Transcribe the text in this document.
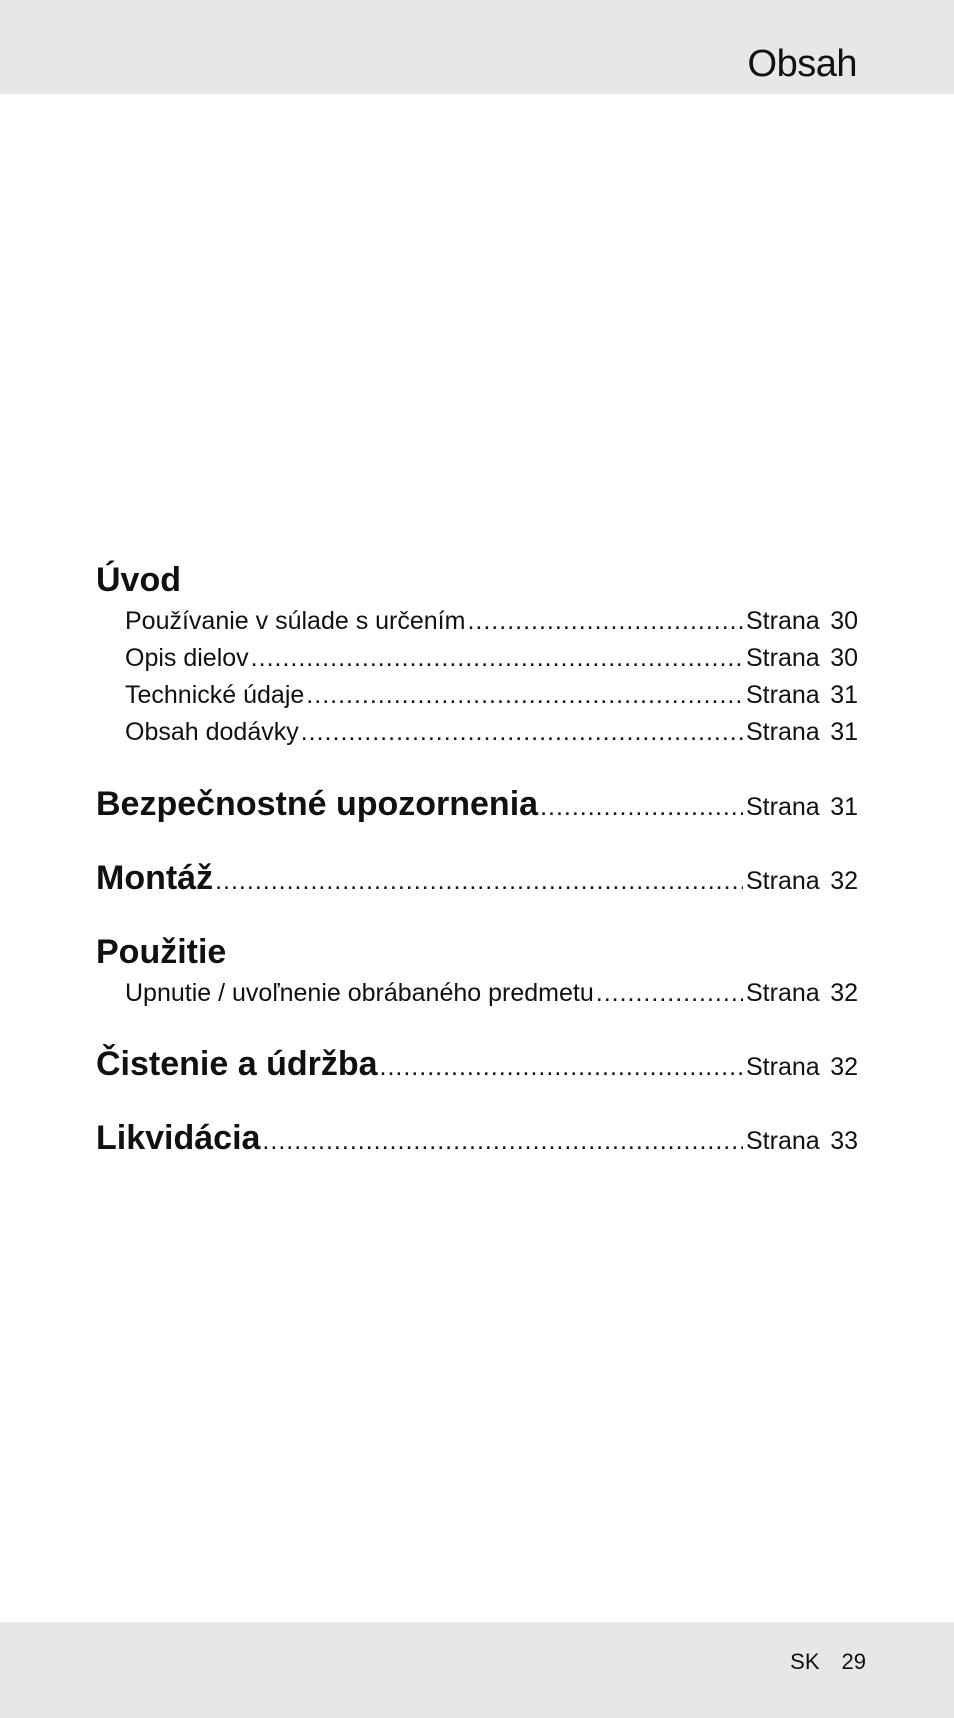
Obsah
Úvod
Používanie v súlade s určením .....	Strana 30
Opis dielov .....	Strana 30
Technické údaje .....	Strana 31
Obsah dodávky .....	Strana 31
Bezpečnostné upozornenia .....	Strana 31
Montáž .....	Strana 32
Použitie
Upnutie / uvoľnenie obrábaného predmetu .....	Strana 32
Čistenie a údržba .....	Strana 32
Likvidácia .....	Strana 33
SK 29
